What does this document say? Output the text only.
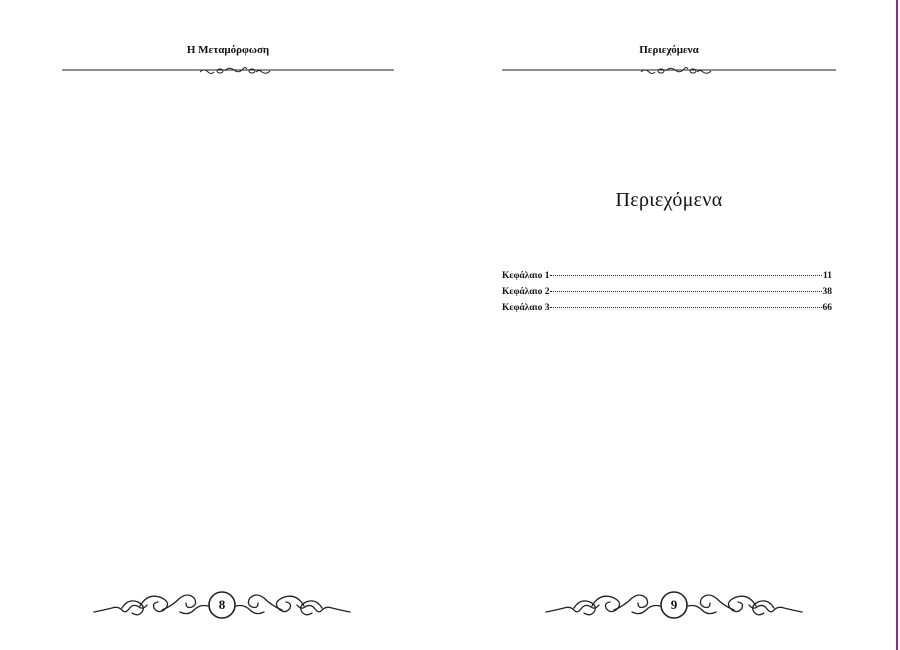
Η Μεταμόρφωση
8
Περιεχόμενα
Περιεχόμενα
Κεφάλαιο 1	11
Κεφάλαιο 2	38
Κεφάλαιο 3	66
9
